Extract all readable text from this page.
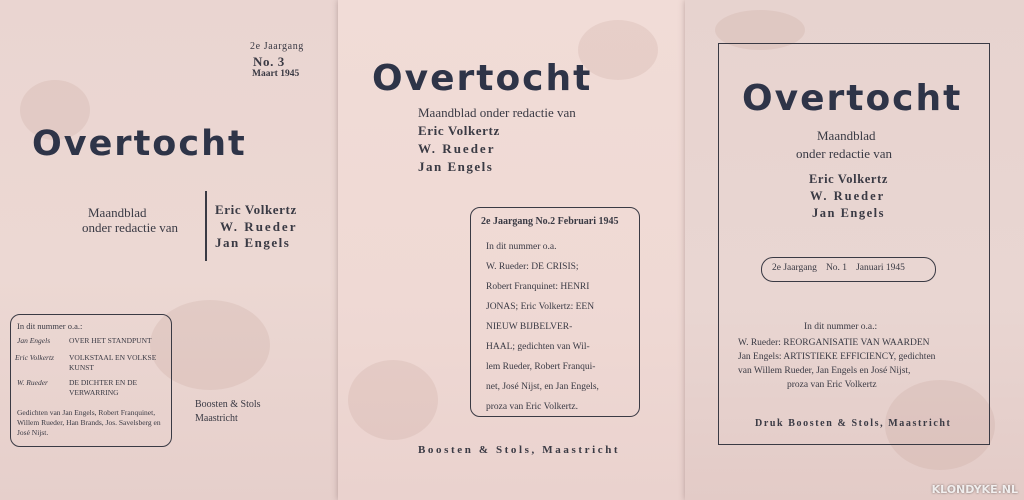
2e Jaargang
No. 3
Maart 1945
Overtocht
Maandblad
onder redactie van
Eric Volkertz
W. Rueder
Jan Engels
In dit nummer o.a.:
Jan Engels	OVER HET STANDPUNT
Eric Volkertz VOLKSTAAL EN VOLKSE KUNST
W. Rueder	DE DICHTER EN DE VERWARRING
Gedichten van Jan Engels, Robert Franquinet, Willem Rueder, Han Brands, Jos. Savelsberg en José Nijst.
Boosten & Stols
Maastricht
Overtocht
Maandblad onder redactie van
Eric Volkertz
W. Rueder
Jan Engels
2e Jaargang No.2 Februari 1945
In dit nummer o.a.
W. Rueder: DE CRISIS;
Robert Franquinet: HENRI
JONAS; Eric Volkertz: EEN
NIEUW BIJBELVER-
HAAL; gedichten van Wil-
lem Rueder, Robert Franqui-
net, José Nijst, en Jan Engels,
proza van Eric Volkertz.
Boosten & Stols, Maastricht
Overtocht
Maandblad
onder redactie van
Eric Volkertz
W. Rueder
Jan Engels
2e Jaargang No. 1 Januari 1945
In dit nummer o.a.:
W. Rueder: REORGANISATIE VAN WAARDEN
Jan Engels: ARTISTIEKE EFFICIENCY, gedichten
van Willem Rueder, Jan Engels en José Nijst,
proza van Eric Volkertz
Druk Boosten & Stols, Maastricht
KLONDYKE.NL
